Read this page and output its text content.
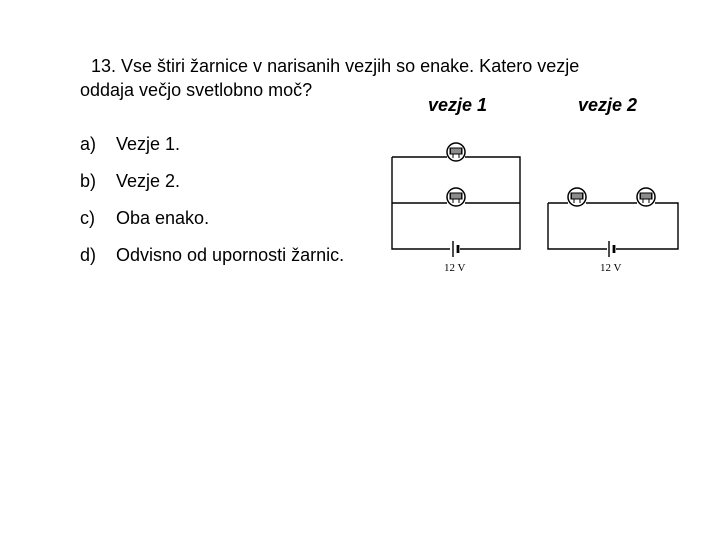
13. Vse štiri žarnice v narisanih vezjih so enake. Katero vezje
oddaja večjo svetlobno moč?
vezje 1	vezje 2
a) Vezje 1.
b) Vezje 2.
c) Oba enako.
d) Odvisno od upornosti žarnic.
12 V	12 V
